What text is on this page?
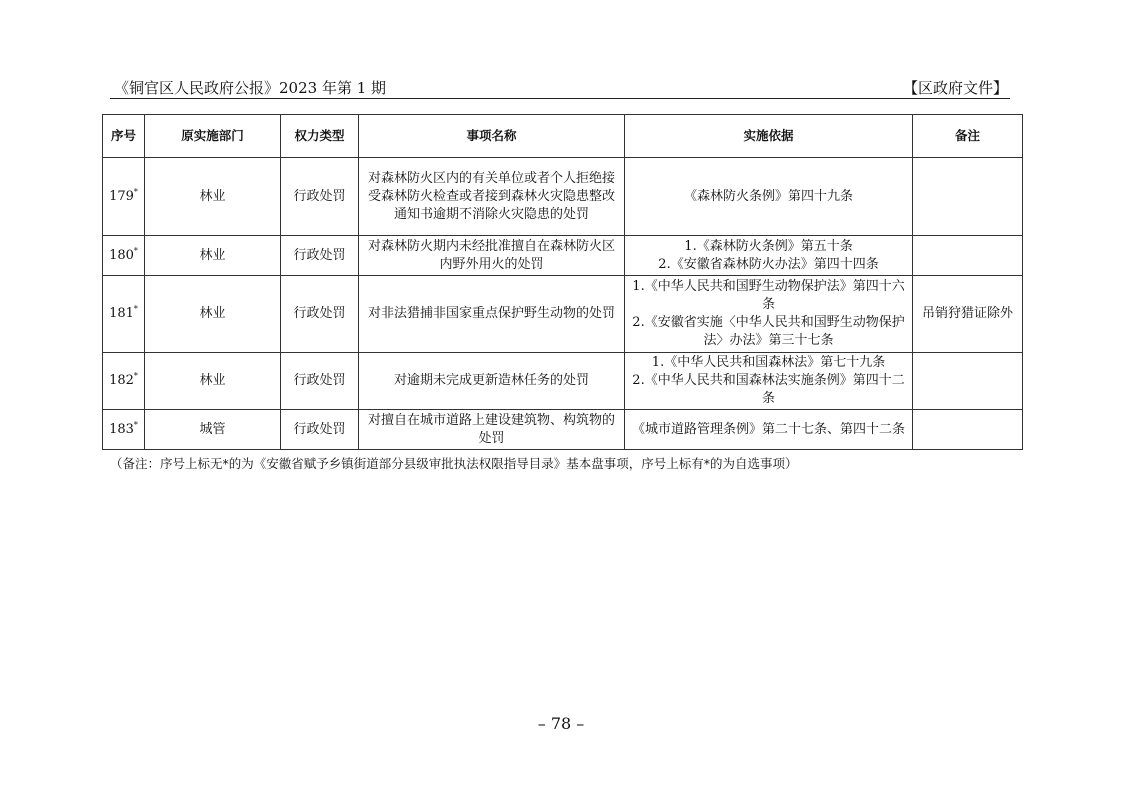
《铜官区人民政府公报》2023 年第 1 期	【区政府文件】
序号	原实施部门	权力类型	事项名称	实施依据	备注
179*	林业	行政处罚	对森林防火区内的有关单位或者个人拒绝接受森林防火检查或者接到森林火灾隐患整改通知书逾期不消除火灾隐患的处罚	《森林防火条例》第四十九条	

180*	林业	行政处罚	对森林防火期内未经批准擅自在森林防火区内野外用火的处罚	1.《森林防火条例》第五十条
2.《安徽省森林防火办法》第四十四条	

181*	林业	行政处罚	对非法猎捕非国家重点保护野生动物的处罚	1.《中华人民共和国野生动物保护法》第四十六条
2.《安徽省实施〈中华人民共和国野生动物保护法〉办法》第三十七条	吊销狩猎证除外
182*	林业	行政处罚	对逾期未完成更新造林任务的处罚	1.《中华人民共和国森林法》第七十九条
2.《中华人民共和国森林法实施条例》第四十二条	

183*	城管	行政处罚	对擅自在城市道路上建设建筑物、构筑物的处罚	《城市道路管理条例》第二十七条、第四十二条	

（备注：序号上标无*的为《安徽省赋予乡镇街道部分县级审批执法权限指导目录》基本盘事项，序号上标有*的为自选事项）
– 78 –
